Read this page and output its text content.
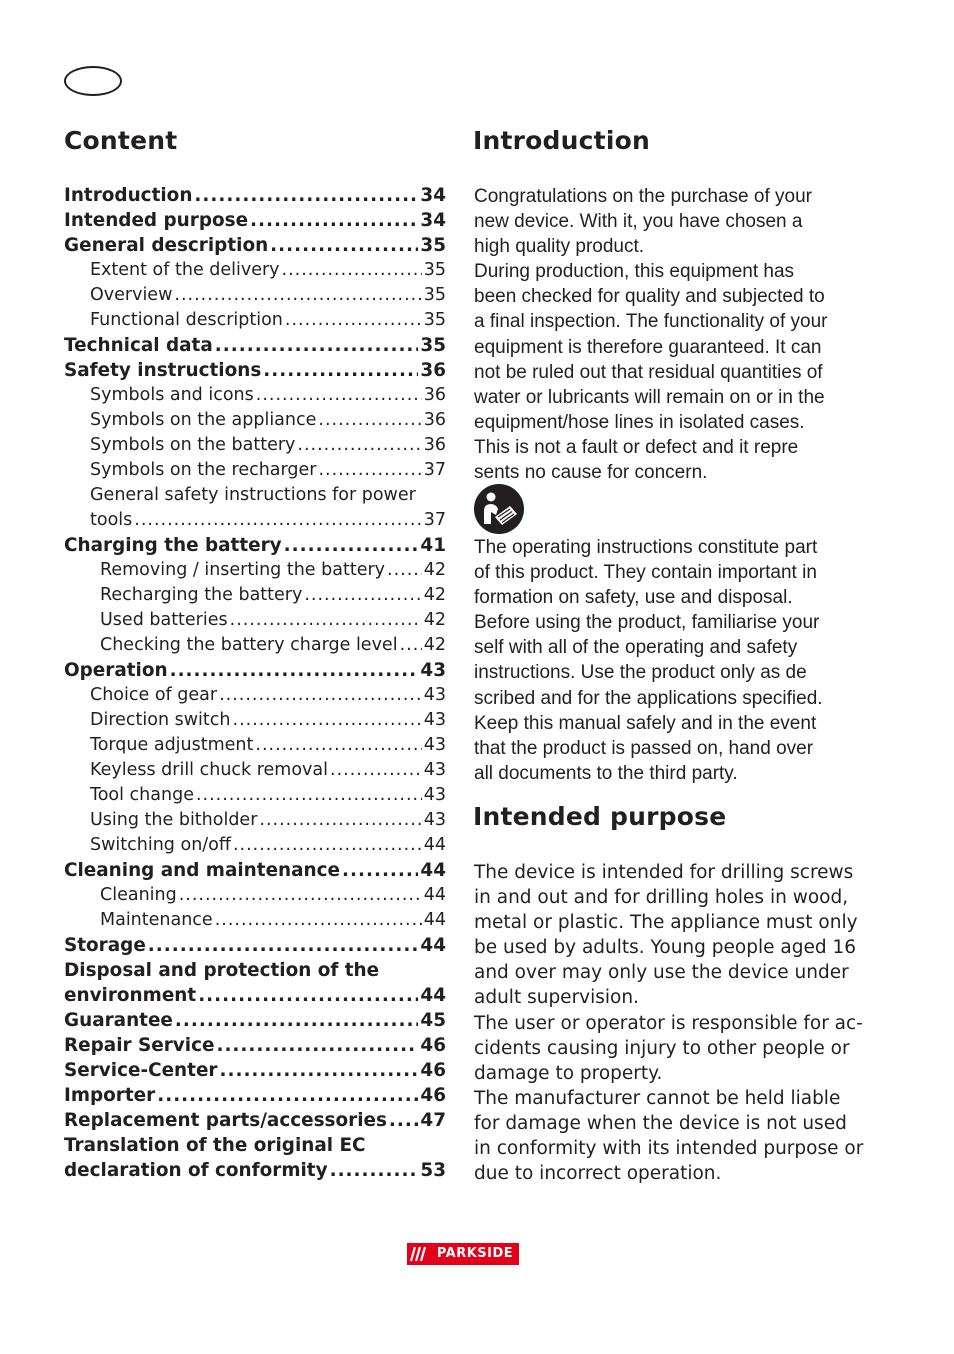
Content	Introduction
Intended purpose
Introduction .....	34
Intended purpose .....	34
General description .....	35
Extent of the delivery .....	35
Overview .....	35
Functional description .....	35
Technical data .....	35
Safety instructions .....	36
Symbols and icons .....	36
Symbols on the appliance .....	36
Symbols on the battery .....	36
Symbols on the recharger .....	37
General safety instructions for power
tools .....	37
Charging the battery .....	41
Removing / inserting the battery ..... 42
Recharging the battery .....	42
Used batteries .....	42
Checking the battery charge level ..... 42
Operation .....	43
Choice of gear .....	43
Direction switch .....	43
Torque adjustment .....	43
Keyless drill chuck removal .....	43
Tool change .....	43
Using the bitholder .....	43
Switching on/off .....	44
Cleaning and maintenance .....	44
Cleaning .....	44
Maintenance .....	44
Storage .....	44
Disposal and protection of the
environment .....	44
Guarantee .....	45
Repair Service .....	46
Service-Center .....	46
Importer .....	46
Replacement parts/accessories ..... 47
Translation of the original EC
declaration of conformity .....	53

Congratulations on the purchase of your

new device. With it, you have chosen a

high quality product.

During production, this equipment has

been checked for quality and subjected to

a final inspection. The functionality of your

equipment is therefore guaranteed. It can

not be ruled out that residual quantities of

water or lubricants will remain on or in the

equipment/hose lines in isolated cases.

This is not a fault or defect and it repre

sents no cause for concern.

The operating instructions constitute part

of this product. They contain important in

formation on safety, use and disposal.

Before using the product, familiarise your

self with all of the operating and safety

instructions. Use the product only as de

scribed and for the applications specified.

Keep this manual safely and in the event

that the product is passed on, hand over

all documents to the third party.

The device is intended for drilling screws

in and out and for drilling holes in wood,

metal or plastic. The appliance must only

be used by adults. Young people aged 16

and over may only use the device under

adult supervision.

The user or operator is responsible for ac-

cidents causing injury to other people or

damage to property.

The manufacturer cannot be held liable

for damage when the device is not used

in conformity with its intended purpose or

due to incorrect operation.

PARKSIDE
